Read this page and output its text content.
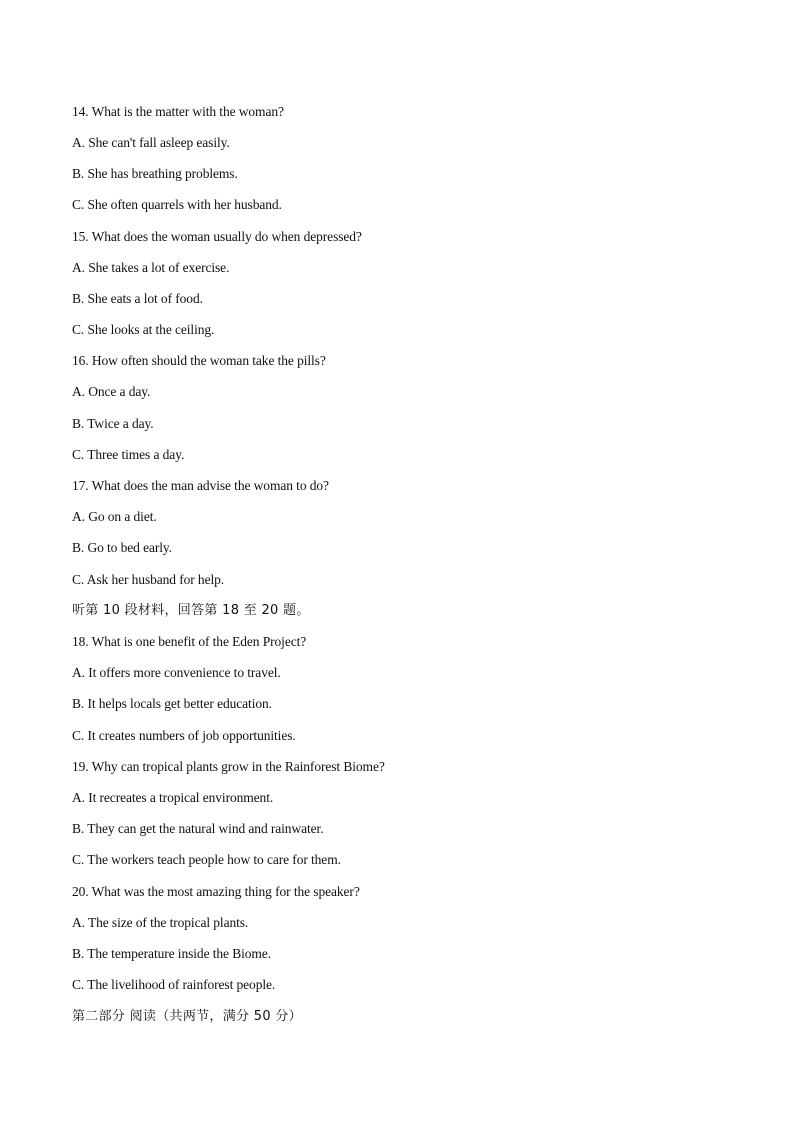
14. What is the matter with the woman?
A. She can't fall asleep easily.
B. She has breathing problems.
C. She often quarrels with her husband.
15. What does the woman usually do when depressed?
A. She takes a lot of exercise.
B. She eats a lot of food.
C. She looks at the ceiling.
16. How often should the woman take the pills?
A. Once a day.
B. Twice a day.
C. Three times a day.
17. What does the man advise the woman to do?
A. Go on a diet.
B. Go to bed early.
C. Ask her husband for help.
听第 10 段材料，回答第 18 至 20 题。
18. What is one benefit of the Eden Project?
A. It offers more convenience to travel.
B. It helps locals get better education.
C. It creates numbers of job opportunities.
19. Why can tropical plants grow in the Rainforest Biome?
A. It recreates a tropical environment.
B. They can get the natural wind and rainwater.
C. The workers teach people how to care for them.
20. What was the most amazing thing for the speaker?
A. The size of the tropical plants.
B. The temperature inside the Biome.
C. The livelihood of rainforest people.
第二部分 阅读（共两节，满分 50 分）
